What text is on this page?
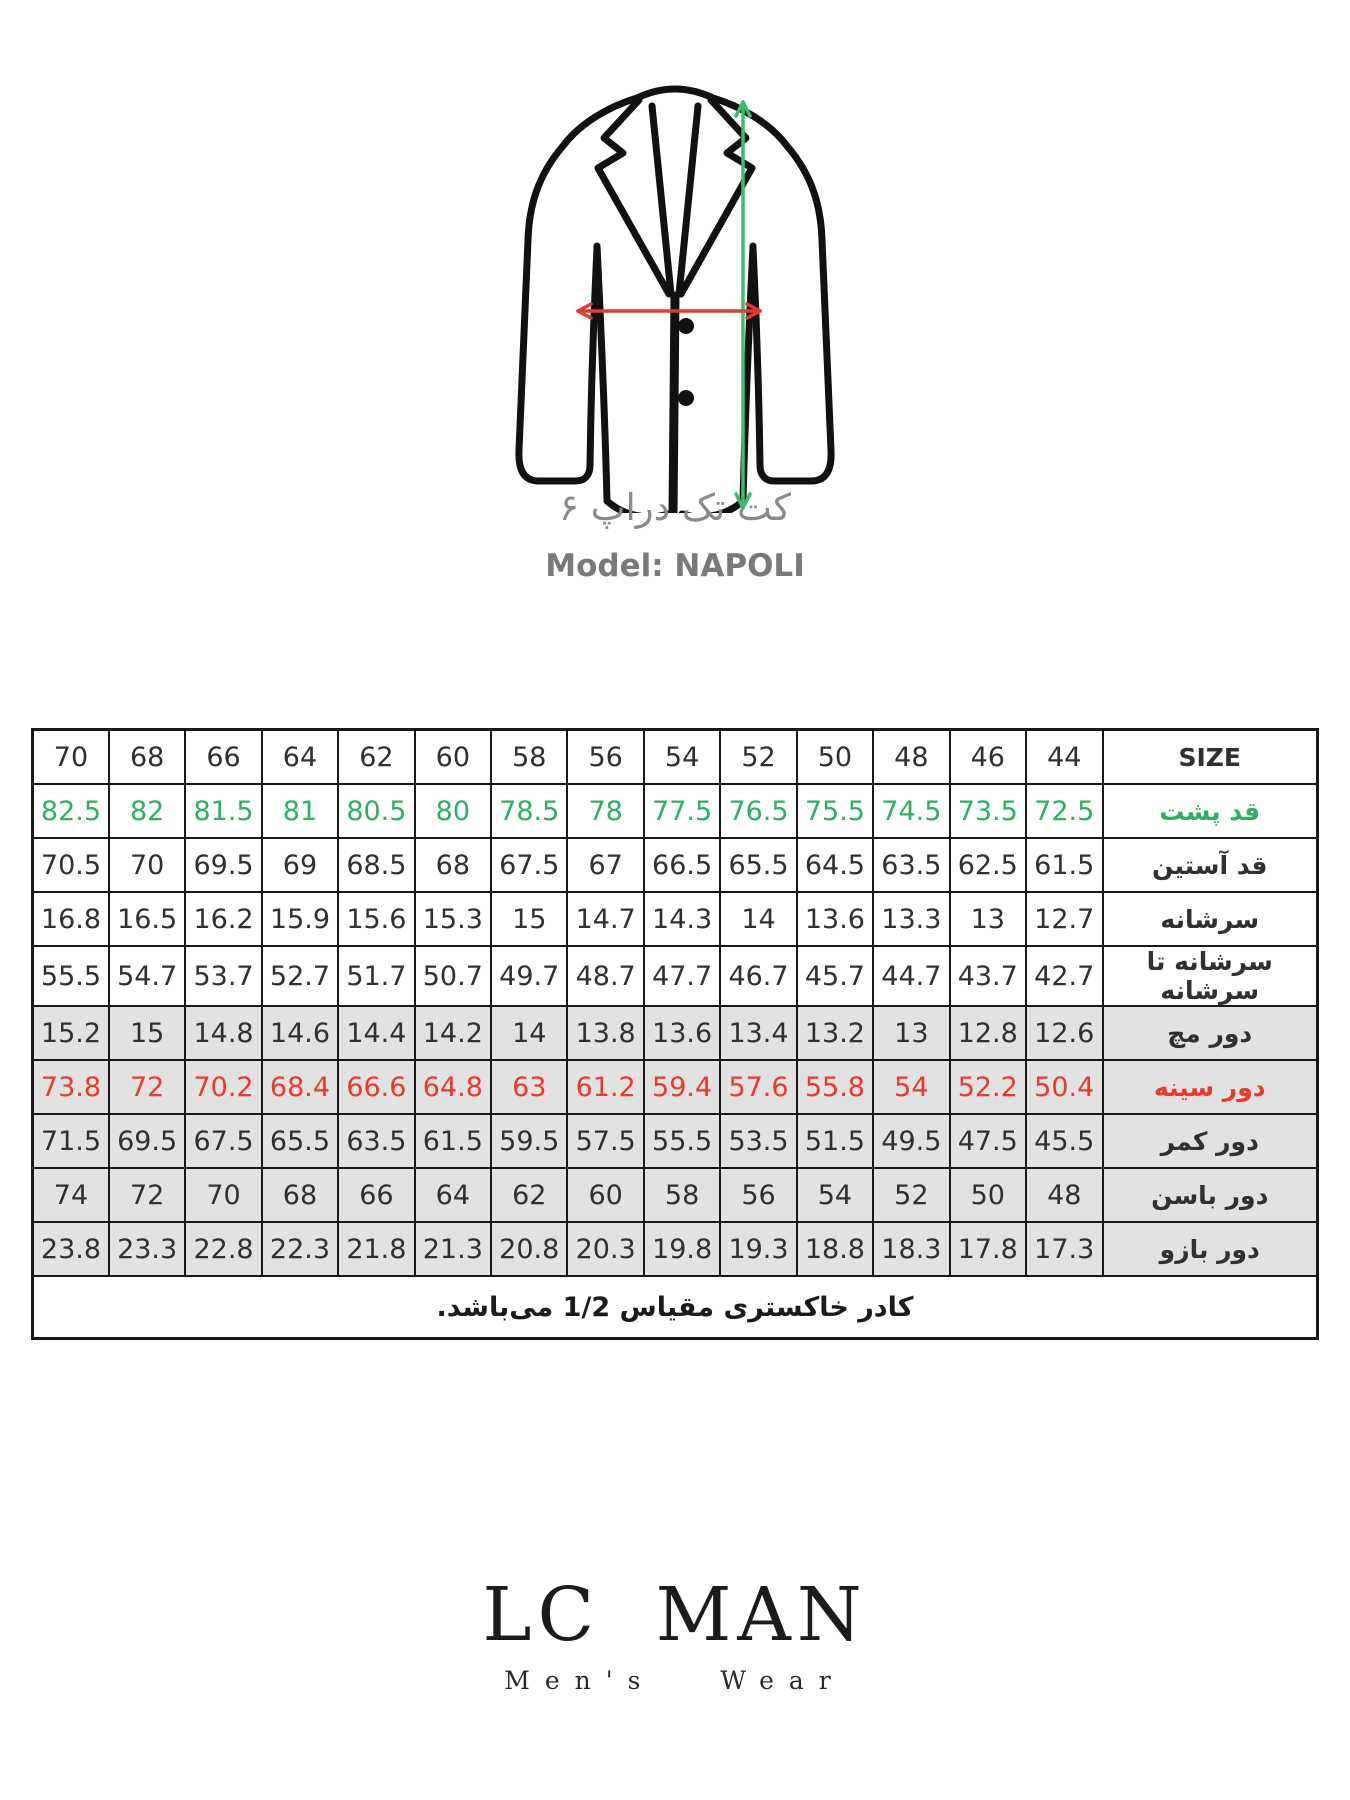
کت تک دراپ ۶
Model: NAPOLI
70	68	66	64	62	60	58	56	54	52	50	48	46	44	SIZE
82.5	82	81.5	81	80.5	80	78.5	78	77.5	76.5	75.5	74.5	73.5	72.5	قد پشت
70.5	70	69.5	69	68.5	68	67.5	67	66.5	65.5	64.5	63.5	62.5	61.5	قد آستین
16.8	16.5	16.2	15.9	15.6	15.3	15	14.7	14.3	14	13.6	13.3	13	12.7	سرشانه
55.5	54.7	53.7	52.7	51.7	50.7	49.7	48.7	47.7	46.7	45.7	44.7	43.7	42.7	سرشانه تا سرشانه
15.2	15	14.8	14.6	14.4	14.2	14	13.8	13.6	13.4	13.2	13	12.8	12.6	دور مچ
73.8	72	70.2	68.4	66.6	64.8	63	61.2	59.4	57.6	55.8	54	52.2	50.4	دور سینه
71.5	69.5	67.5	65.5	63.5	61.5	59.5	57.5	55.5	53.5	51.5	49.5	47.5	45.5	دور کمر
74	72	70	68	66	64	62	60	58	56	54	52	50	48	دور باسن
23.8	23.3	22.8	22.3	21.8	21.3	20.8	20.3	19.8	19.3	18.8	18.3	17.8	17.3	دور بازو
کادر خاکستری مقیاس 1/2 می‌باشد.														
LC MAN
Men's Wear
